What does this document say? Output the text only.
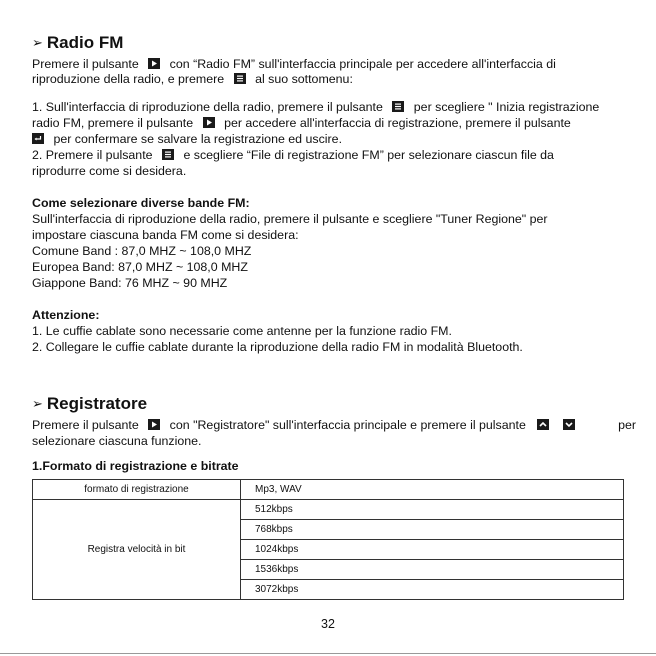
➢ Radio FM
Premere il pulsante con “Radio FM” sull'interfaccia principale per accedere all'interfaccia di
riproduzione della radio, e premere al suo sottomenu:
1. Sull'interfaccia di riproduzione della radio, premere il pulsante per scegliere " Inizia registrazione
radio FM, premere il pulsante per accedere all'interfaccia di registrazione, premere il pulsante
per confermare se salvare la registrazione ed uscire.
2. Premere il pulsante e scegliere “File di registrazione FM” per selezionare ciascun file da
riprodurre come si desidera.
Come selezionare diverse bande FM:
Sull'interfaccia di riproduzione della radio, premere il pulsante e scegliere "Tuner Regione" per
impostare ciascuna banda FM come si desidera:
Comune Band : 87,0 MHZ ~ 108,0 MHZ
Europea Band: 87,0 MHZ ~ 108,0 MHZ
Giappone Band: 76 MHZ ~ 90 MHZ
Attenzione:
1. Le cuffie cablate sono necessarie come antenne per la funzione radio FM.
2. Collegare le cuffie cablate durante la riproduzione della radio FM in modalità Bluetooth.
➢ Registratore
Premere il pulsante con "Registratore" sull'interfaccia principale e premere il pulsante
	per
selezionare ciascuna funzione.
1.Formato di registrazione e bitrate
formato di registrazione	Mp3, WAV
Registra velocità in bit	512kbps
	768kbps
	1024kbps
	1536kbps
	3072kbps
32
